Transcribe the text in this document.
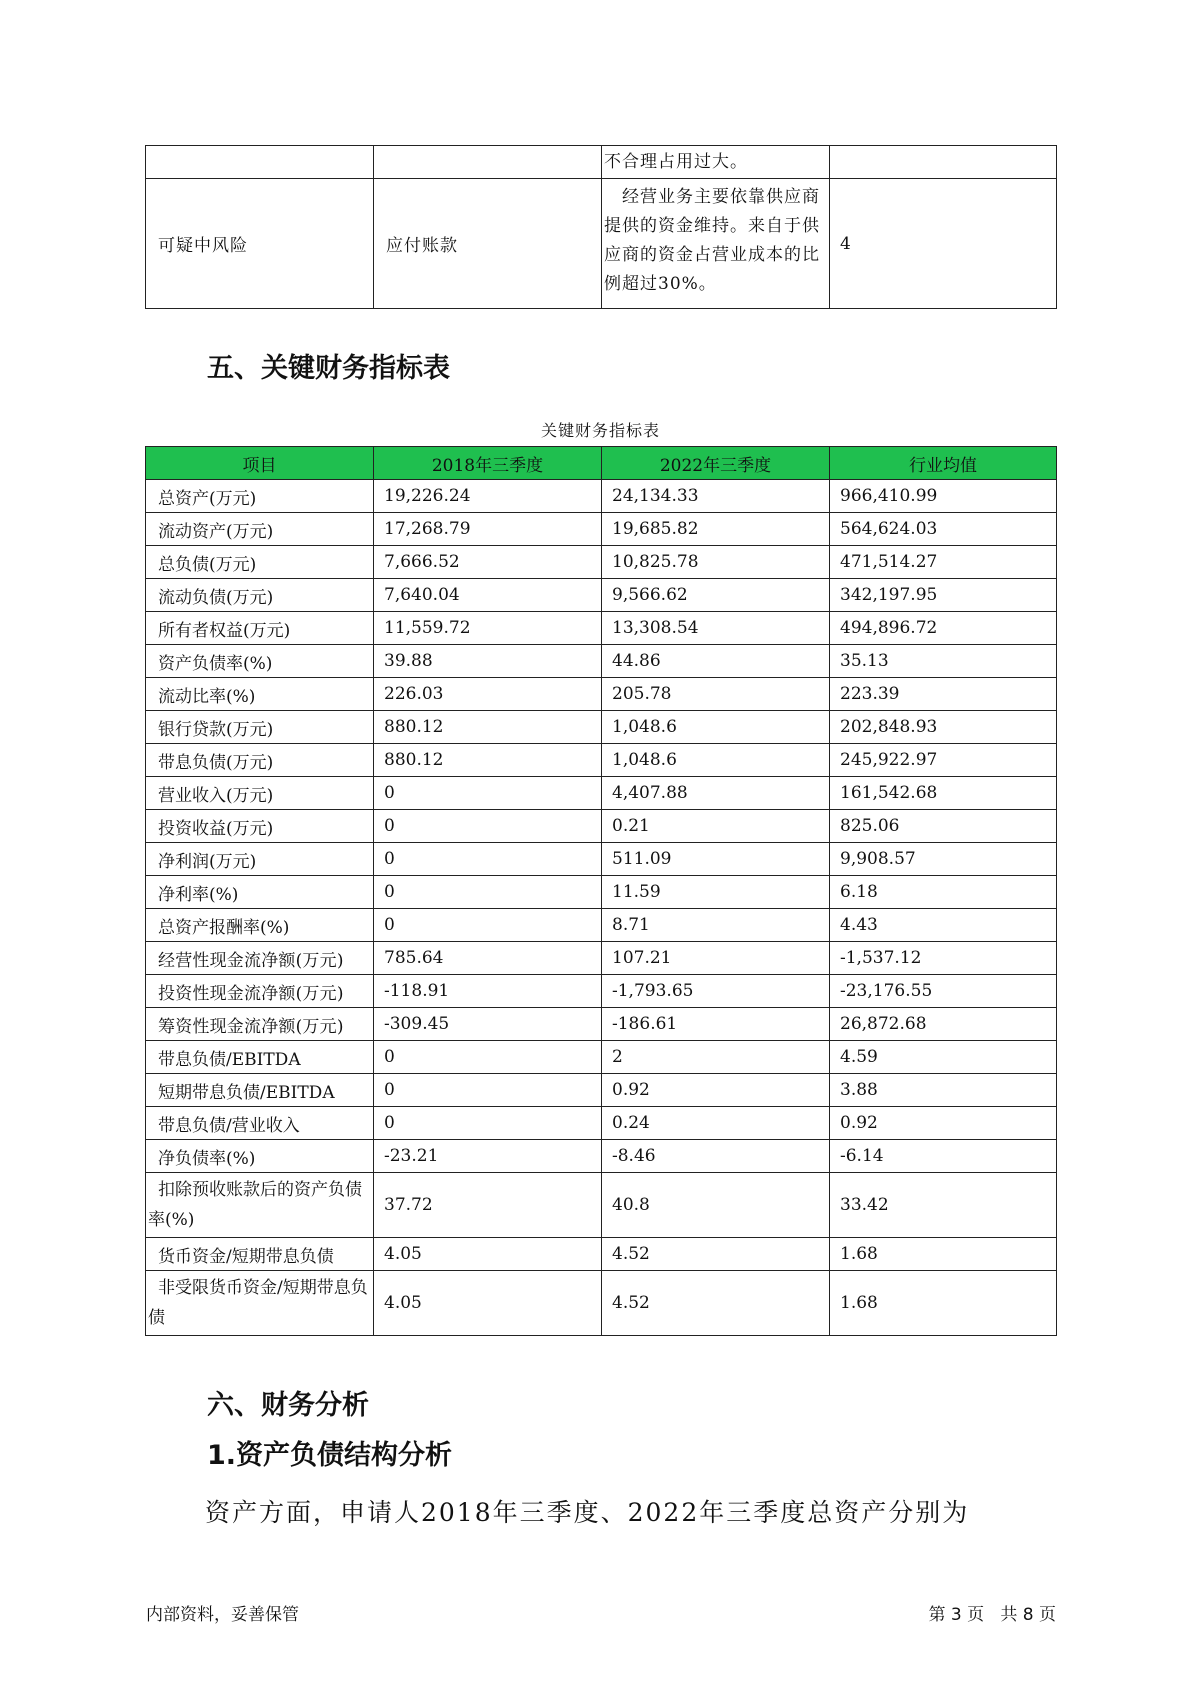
		不合理占用过大。	
可疑中风险	应付账款	　经营业务主要依靠供应商提供的资金维持。来自于供应商的资金占营业成本的比例超过30%。	4
五、关键财务指标表
关键财务指标表
项目	2018年三季度	2022年三季度	行业均值
总资产(万元)	19,226.24	24,134.33	966,410.99
流动资产(万元)	17,268.79	19,685.82	564,624.03
总负债(万元)	7,666.52	10,825.78	471,514.27
流动负债(万元)	7,640.04	9,566.62	342,197.95
所有者权益(万元)	11,559.72	13,308.54	494,896.72
资产负债率(%)	39.88	44.86	35.13
流动比率(%)	226.03	205.78	223.39
银行贷款(万元)	880.12	1,048.6	202,848.93
带息负债(万元)	880.12	1,048.6	245,922.97
营业收入(万元)	0	4,407.88	161,542.68
投资收益(万元)	0	0.21	825.06
净利润(万元)	0	511.09	9,908.57
净利率(%)	0	11.59	6.18
总资产报酬率(%)	0	8.71	4.43
经营性现金流净额(万元)	785.64	107.21	-1,537.12
投资性现金流净额(万元)	-118.91	-1,793.65	-23,176.55
筹资性现金流净额(万元)	-309.45	-186.61	26,872.68
带息负债/EBITDA	0	2	4.59
短期带息负债/EBITDA	0	0.92	3.88
带息负债/营业收入	0	0.24	0.92
净负债率(%)	-23.21	-8.46	-6.14
扣除预收账款后的资产负债率(%)	37.72	40.8	33.42
货币资金/短期带息负债	4.05	4.52	1.68
非受限货币资金/短期带息负债	4.05	4.52	1.68
六、财务分析
1.资产负债结构分析
资产方面，申请人2018年三季度、2022年三季度总资产分别为
内部资料，妥善保管	第 3 页   共 8 页
